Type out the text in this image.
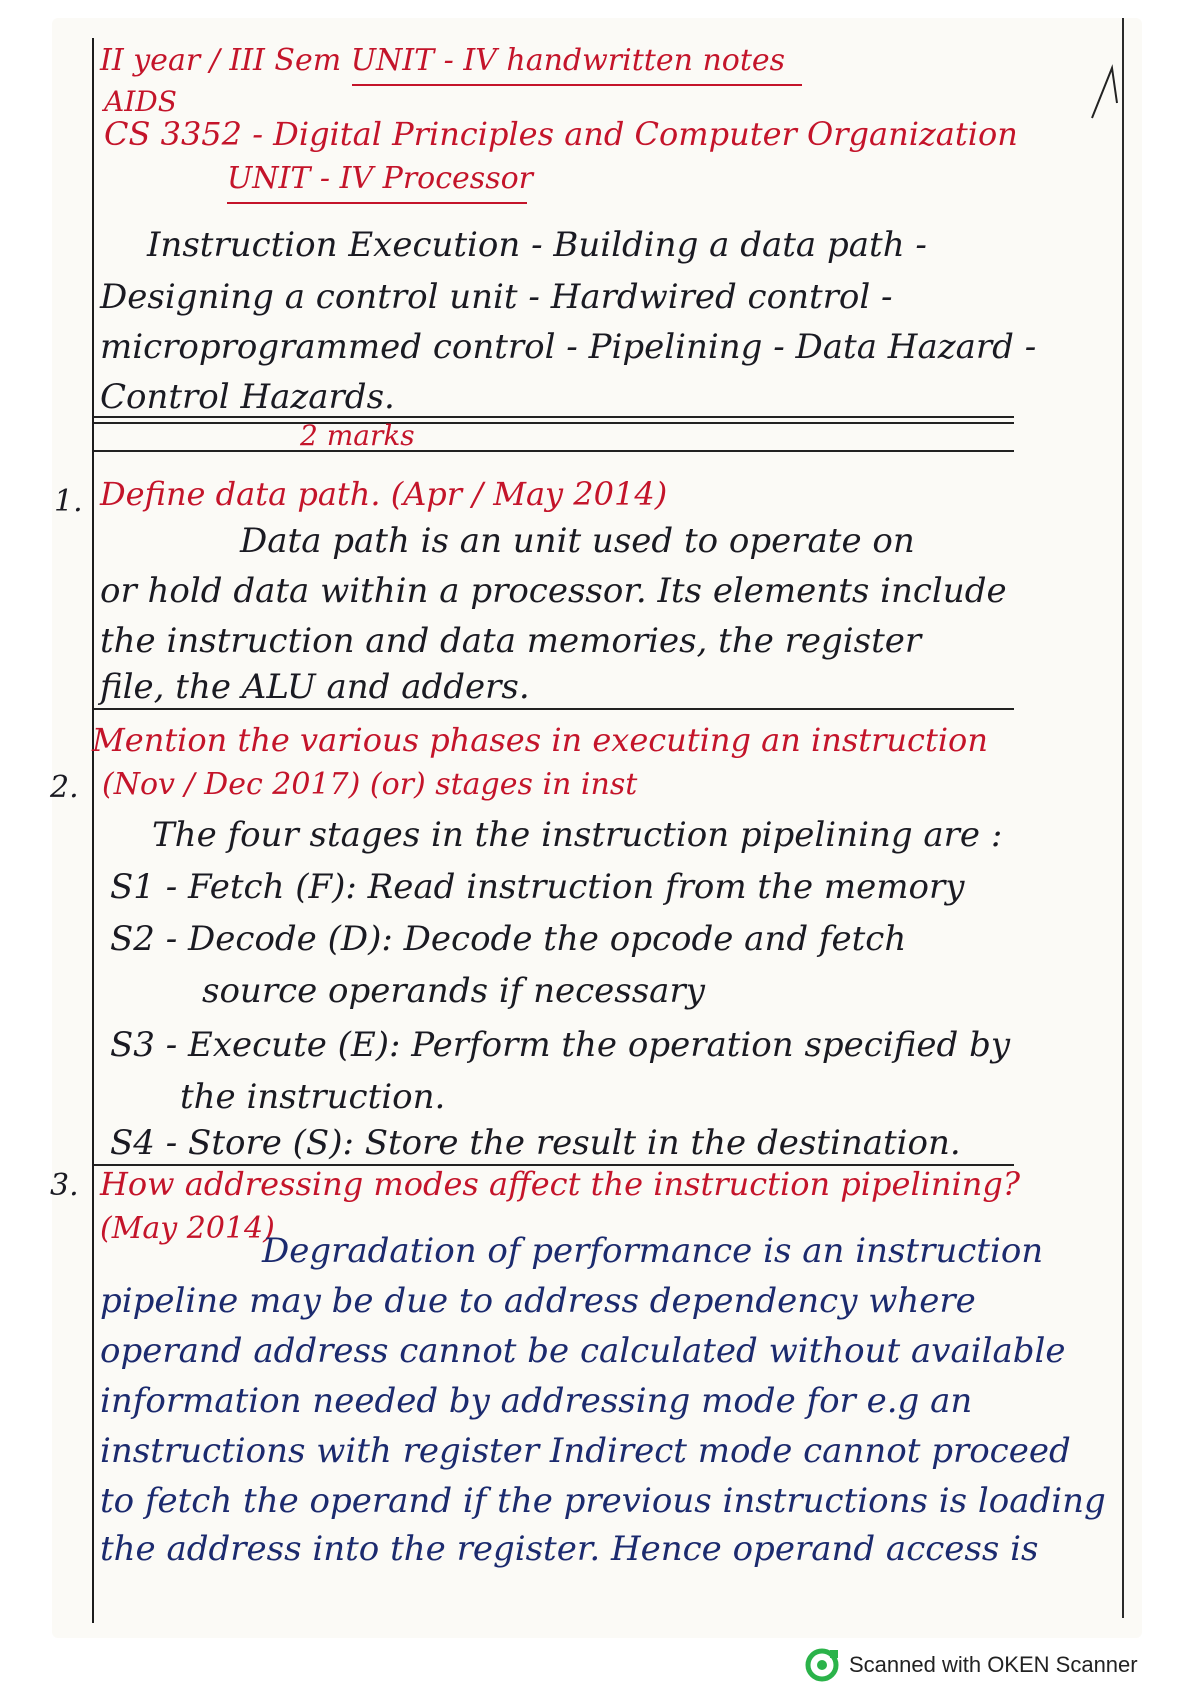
II year / III Sem UNIT - IV handwritten notes
AIDS
CS 3352 - Digital Principles and Computer Organization
UNIT - IV Processor
Instruction Execution - Building a data path -
Designing a control unit - Hardwired control -
microprogrammed control - Pipelining - Data Hazard -
Control Hazards.
2 marks
1. Define data path. (Apr / May 2014)
Data path is an unit used to operate on
or hold data within a processor. Its elements include
the instruction and data memories, the register
file, the ALU and adders.
2.
Mention the various phases in executing an instruction
(Nov / Dec 2017) (or) stages in inst
The four stages in the instruction pipelining are :
S1 - Fetch (F): Read instruction from the memory
S2 - Decode (D): Decode the opcode and fetch
source operands if necessary
S3 - Execute (E): Perform the operation specified by
the instruction.
S4 - Store (S): Store the result in the destination.
3. How addressing modes affect the instruction pipelining?
(May 2014)
Degradation of performance is an instruction
pipeline may be due to address dependency where
operand address cannot be calculated without available
information needed by addressing mode for e.g an
instructions with register Indirect mode cannot proceed
to fetch the operand if the previous instructions is loading
the address into the register. Hence operand access is
Scanned with OKEN Scanner
